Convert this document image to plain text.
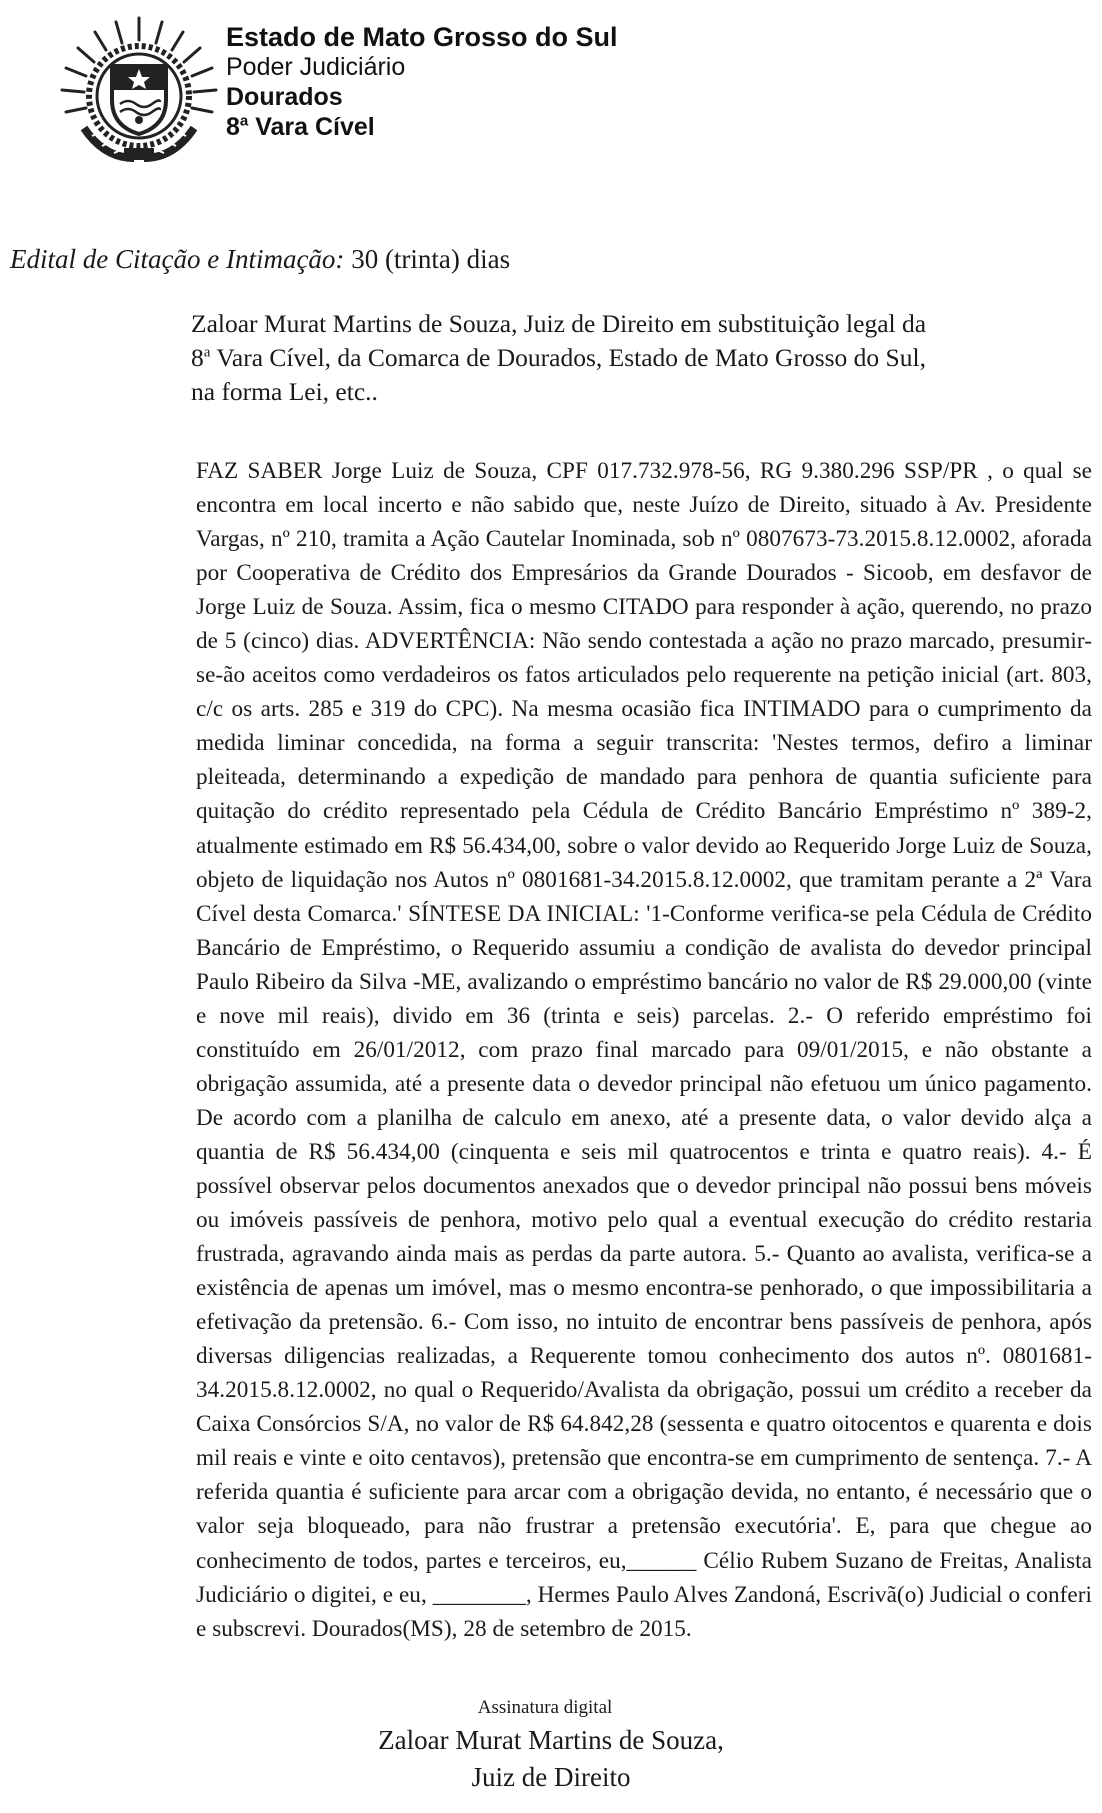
Estado de Mato Grosso do Sul
Poder Judiciário
Dourados
8$^a$ Vara Cível
Edital de Citação e Intimação: 30 (trinta) dias
Zaloar Murat Martins de Souza, Juiz de Direito em substituição legal da
8$^a$ Vara Cível, da Comarca de Dourados, Estado de Mato Grosso do Sul,
na forma Lei, etc..

FAZ SABER Jorge Luiz de Souza, CPF 017.732.978-56, RG 9.380.296 SSP/PR , o qual se encontra em local incerto e não sabido que, neste Juízo de Direito, situado à Av. Presidente Vargas, nº 210, tramita a Ação Cautelar Inominada, sob nº 0807673-73.2015.8.12.0002, aforada por Cooperativa de Crédito dos Empresários da Grande Dourados - Sicoob, em desfavor de Jorge Luiz de Souza. Assim, fica o mesmo CITADO para responder à ação, querendo, no prazo de 5 (cinco) dias. ADVERTÊNCIA: Não sendo contestada a ação no prazo marcado, presumir-se-ão aceitos como verdadeiros os fatos articulados pelo requerente na petição inicial (art. 803, c/c os arts. 285 e 319 do CPC). Na mesma ocasião fica INTIMADO para o cumprimento da medida liminar concedida, na forma a seguir transcrita: 'Nestes termos, defiro a liminar pleiteada, determinando a expedição de mandado para penhora de quantia suficiente para quitação do crédito representado pela Cédula de Crédito Bancário Empréstimo nº 389-2, atualmente estimado em R$ 56.434,00, sobre o valor devido ao Requerido Jorge Luiz de Souza, objeto de liquidação nos Autos nº 0801681-34.2015.8.12.0002, que tramitam perante a 2ª Vara Cível desta Comarca.' SÍNTESE DA INICIAL: '1-Conforme verifica-se pela Cédula de Crédito Bancário de Empréstimo, o Requerido assumiu a condição de avalista do devedor principal Paulo Ribeiro da Silva -ME, avalizando o empréstimo bancário no valor de R$ 29.000,00 (vinte e nove mil reais), divido em 36 (trinta e seis) parcelas. 2.- O referido empréstimo foi constituído em 26/01/2012, com prazo final marcado para 09/01/2015, e não obstante a obrigação assumida, até a presente data o devedor principal não efetuou um único pagamento. De acordo com a planilha de calculo em anexo, até a presente data, o valor devido alça a quantia de R$ 56.434,00 (cinquenta e seis mil quatrocentos e trinta e quatro reais). 4.- É possível observar pelos documentos anexados que o devedor principal não possui bens móveis ou imóveis passíveis de penhora, motivo pelo qual a eventual execução do crédito restaria frustrada, agravando ainda mais as perdas da parte autora. 5.- Quanto ao avalista, verifica-se a existência de apenas um imóvel, mas o mesmo encontra-se penhorado, o que impossibilitaria a efetivação da pretensão. 6.- Com isso, no intuito de encontrar bens passíveis de penhora, após diversas diligencias realizadas, a Requerente tomou conhecimento dos autos nº. 0801681-34.2015.8.12.0002, no qual o Requerido/Avalista da obrigação, possui um crédito a receber da Caixa Consórcios S/A, no valor de R$ 64.842,28 (sessenta e quatro oitocentos e quarenta e dois mil reais e vinte e oito centavos), pretensão que encontra-se em cumprimento de sentença. 7.- A referida quantia é suficiente para arcar com a obrigação devida, no entanto, é necessário que o valor seja bloqueado, para não frustrar a pretensão executória'. E, para que chegue ao conhecimento de todos, partes e terceiros, eu,______ Célio Rubem Suzano de Freitas, Analista Judiciário o digitei, e eu, ________, Hermes Paulo Alves Zandoná, Escrivã(o) Judicial o conferi e subscrevi. Dourados(MS), 28 de setembro de 2015.

Assinatura digital
Zaloar Murat Martins de Souza,
Juiz de Direito
